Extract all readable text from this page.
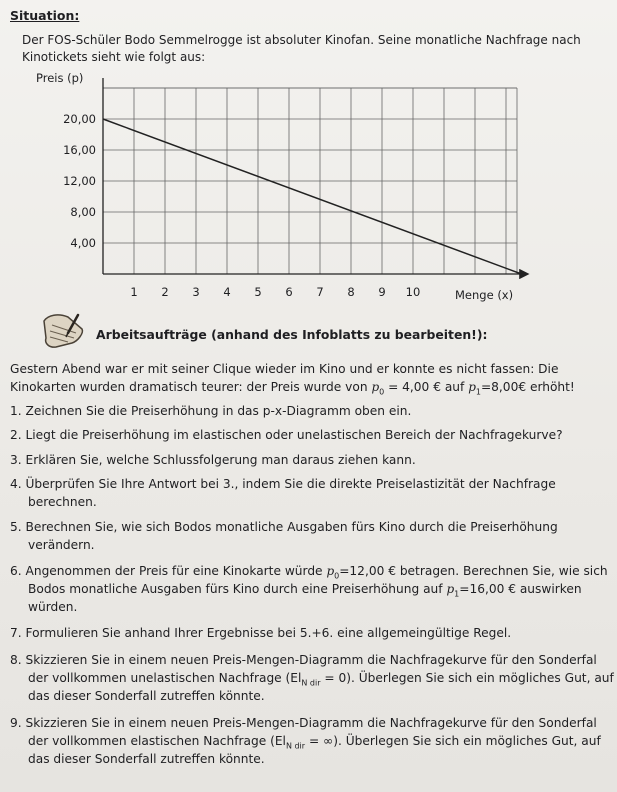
Situation:
Der FOS-Schüler Bodo Semmelrogge ist absoluter Kinofan. Seine monatliche Nachfrage nach
Kinotickets sieht wie folgt aus:
Preis (p)
Menge (x)
4,00
8,00
12,00
16,00
20,00
1 2 3 4 5 6 7 8 9 10
Arbeitsaufträge (anhand des Infoblatts zu bearbeiten!):
Gestern Abend war er mit seiner Clique wieder im Kino und er konnte es nicht fassen: Die
Kinokarten wurden dramatisch teurer: der Preis wurde von $p_0 = 4,00$ € auf $p_1=8,00€$ erhöht!
1. Zeichnen Sie die Preiserhöhung in das p-x-Diagramm oben ein.
2. Liegt die Preiserhöhung im elastischen oder unelastischen Bereich der Nachfragekurve?
3. Erklären Sie, welche Schlussfolgerung man daraus ziehen kann.
4. Überprüfen Sie Ihre Antwort bei 3., indem Sie die direkte Preiselastizität der Nachfrage
berechnen.
5. Berechnen Sie, wie sich Bodos monatliche Ausgaben fürs Kino durch die Preiserhöhung
verändern.
6. Angenommen der Preis für eine Kinokarte würde $p_0=12,00$ € betragen. Berechnen Sie, wie sich
Bodos monatliche Ausgaben fürs Kino durch eine Preiserhöhung auf $p_1=16,00$ € auswirken
würden.
7. Formulieren Sie anhand Ihrer Ergebnisse bei 5.+6. eine allgemeingültige Regel.
8. Skizzieren Sie in einem neuen Preis-Mengen-Diagramm die Nachfragekurve für den Sonderfal
der vollkommen unelastischen Nachfrage $(El_{N dir} = 0)$. Überlegen Sie sich ein mögliches Gut, auf
das dieser Sonderfall zutreffen könnte.
9. Skizzieren Sie in einem neuen Preis-Mengen-Diagramm die Nachfragekurve für den Sonderfal
der vollkommen elastischen Nachfrage ($El_{N dir}$ = ∞). Überlegen Sie sich ein mögliches Gut, auf
das dieser Sonderfall zutreffen könnte.
